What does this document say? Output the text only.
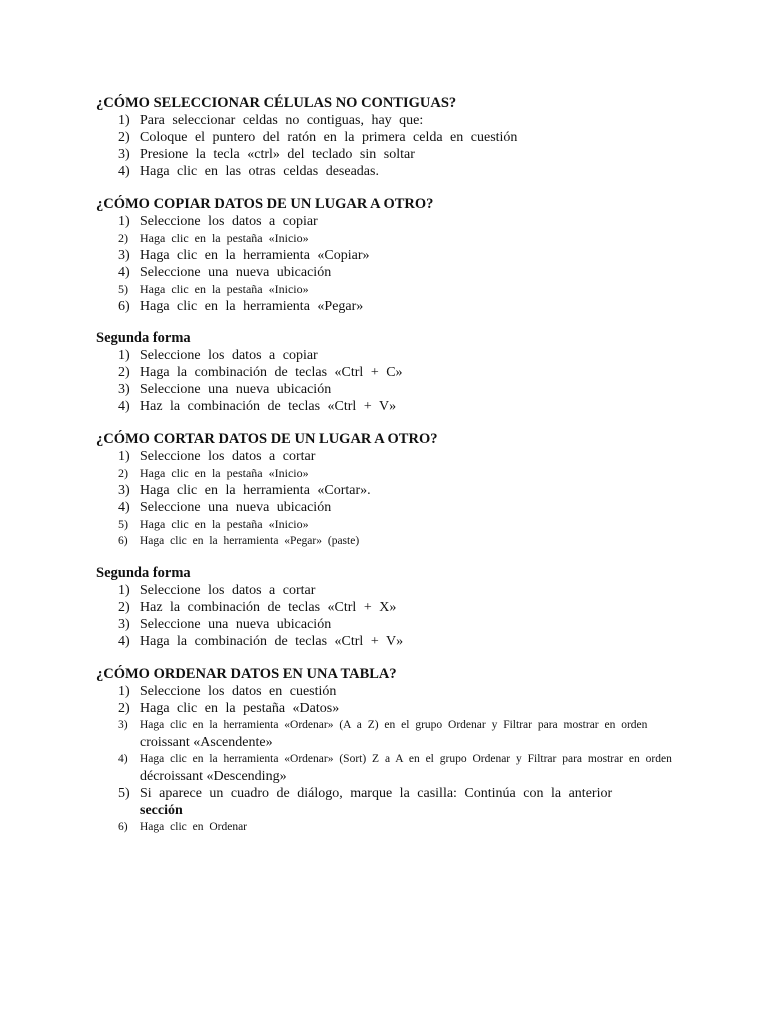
¿CÓMO SELECCIONAR CÉLULAS NO CONTIGUAS?
1) Para seleccionar celdas no contiguas, hay que:
2) Coloque el puntero del ratón en la primera celda en cuestión
3) Presione la tecla «ctrl» del teclado sin soltar
4) Haga clic en las otras celdas deseadas.
¿CÓMO COPIAR DATOS DE UN LUGAR A OTRO?
1) Seleccione los datos a copiar
2) Haga clic en la pestaña «Inicio»
3) Haga clic en la herramienta «Copiar»
4) Seleccione una nueva ubicación
5) Haga clic en la pestaña «Inicio»
6) Haga clic en la herramienta «Pegar»
Segunda forma
1) Seleccione los datos a copiar
2) Haga la combinación de teclas «Ctrl + C»
3) Seleccione una nueva ubicación
4) Haz la combinación de teclas «Ctrl + V»
¿CÓMO CORTAR DATOS DE UN LUGAR A OTRO?
1) Seleccione los datos a cortar
2) Haga clic en la pestaña «Inicio»
3) Haga clic en la herramienta «Cortar».
4) Seleccione una nueva ubicación
5) Haga clic en la pestaña «Inicio»
6) Haga clic en la herramienta «Pegar» (paste)
Segunda forma
1) Seleccione los datos a cortar
2) Haz la combinación de teclas «Ctrl + X»
3) Seleccione una nueva ubicación
4) Haga la combinación de teclas «Ctrl + V»
¿CÓMO ORDENAR DATOS EN UNA TABLA?
1) Seleccione los datos en cuestión
2) Haga clic en la pestaña «Datos»
3) Haga clic en la herramienta «Ordenar» (A a Z) en el grupo Ordenar y Filtrar para mostrar en orden
croissant «Ascendente»
4) Haga clic en la herramienta «Ordenar» (Sort) Z a A en el grupo Ordenar y Filtrar para mostrar en orden
décroissant «Descending»
5) Si aparece un cuadro de diálogo, marque la casilla: Continúa con la anterior
sección
6) Haga clic en Ordenar
